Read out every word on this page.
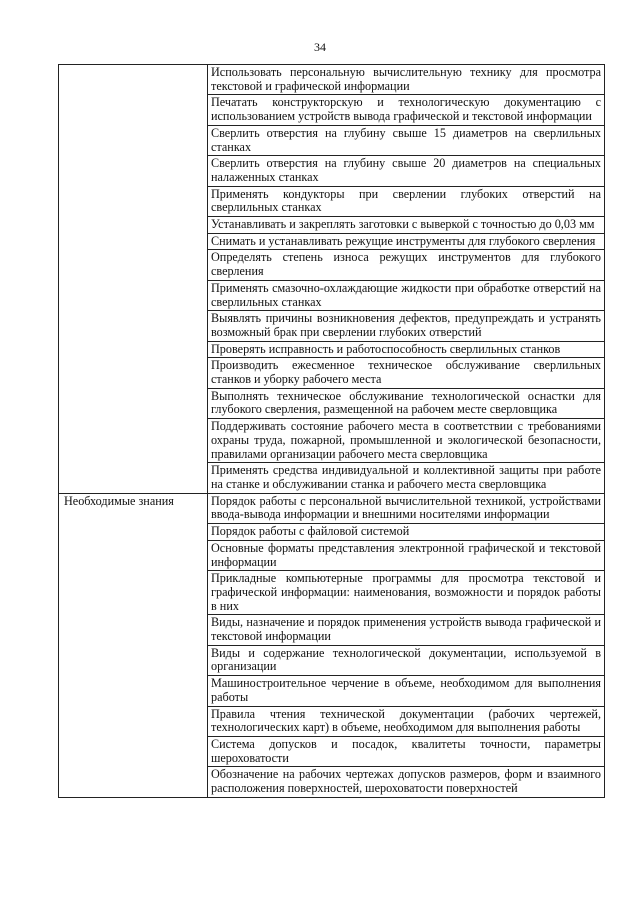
34
	Использовать персональную вычислительную технику для просмотра текстовой и графической информации
	Печатать конструкторскую и технологическую документацию с использованием устройств вывода графической и текстовой информации
	Сверлить отверстия на глубину свыше 15 диаметров на сверлильных станках
	Сверлить отверстия на глубину свыше 20 диаметров на специальных налаженных станках
	Применять кондукторы при сверлении глубоких отверстий на сверлильных станках
	Устанавливать и закреплять заготовки с выверкой с точностью до 0,03 мм
	Снимать и устанавливать режущие инструменты для глубокого сверления
	Определять степень износа режущих инструментов для глубокого сверления
	Применять смазочно-охлаждающие жидкости при обработке отверстий на сверлильных станках
	Выявлять причины возникновения дефектов, предупреждать и устранять возможный брак при сверлении глубоких отверстий
	Проверять исправность и работоспособность сверлильных станков
	Производить ежесменное техническое обслуживание сверлильных станков и уборку рабочего места
	Выполнять техническое обслуживание технологической оснастки для глубокого сверления, размещенной на рабочем месте сверловщика
	Поддерживать состояние рабочего места в соответствии с требованиями охраны труда, пожарной, промышленной и экологической безопасности, правилами организации рабочего места сверловщика
	Применять средства индивидуальной и коллективной защиты при работе на станке и обслуживании станка и рабочего места сверловщика
Необходимые знания	Порядок работы с персональной вычислительной техникой, устройствами ввода-вывода информации и внешними носителями информации
	Порядок работы с файловой системой
	Основные форматы представления электронной графической и текстовой информации
	Прикладные компьютерные программы для просмотра текстовой и графической информации: наименования, возможности и порядок работы в них
	Виды, назначение и порядок применения устройств вывода графической и текстовой информации
	Виды и содержание технологической документации, используемой в организации
	Машиностроительное черчение в объеме, необходимом для выполнения работы
	Правила чтения технической документации (рабочих чертежей, технологических карт) в объеме, необходимом для выполнения работы
	Система допусков и посадок, квалитеты точности, параметры шероховатости
	Обозначение на рабочих чертежах допусков размеров, форм и взаимного расположения поверхностей, шероховатости поверхностей
